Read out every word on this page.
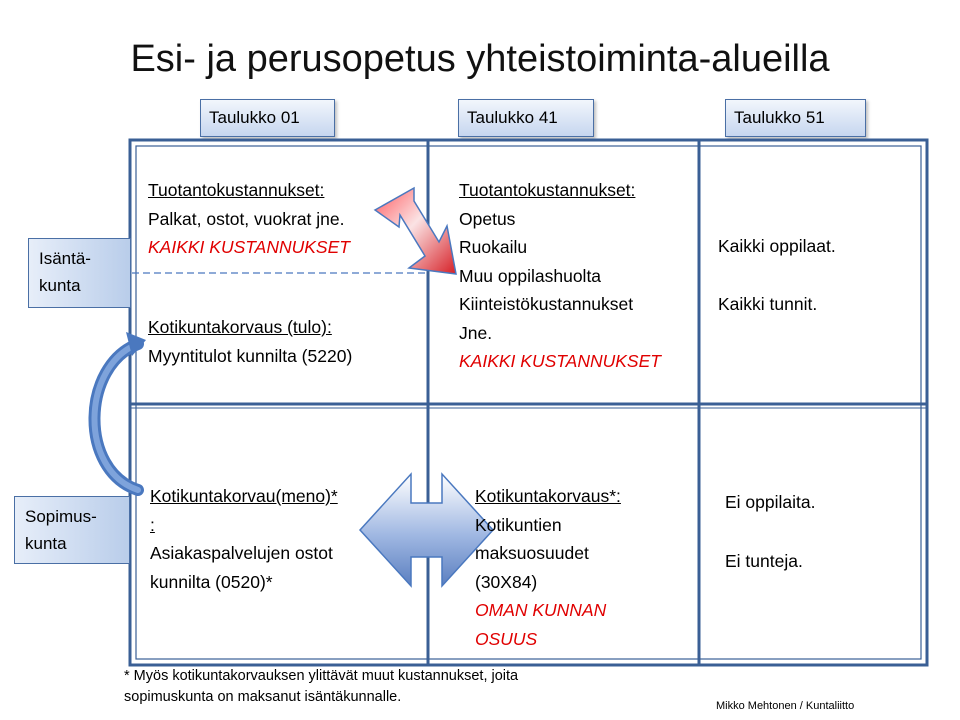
Esi- ja perusopetus yhteistoiminta-alueilla
Taulukko 01	Taulukko 41	Taulukko 51
Isäntä-
kunta
Sopimus-
kunta
Tuotantokustannukset:
Palkat, ostot, vuokrat jne.
KAIKKI KUSTANNUKSET
Kotikuntakorvaus (tulo):
Myyntitulot kunnilta (5220)
Tuotantokustannukset:
Opetus
Ruokailu
Muu oppilashuolta
Kiinteistökustannukset
Jne.
KAIKKI KUSTANNUKSET
Kaikki oppilaat.
Kaikki tunnit.
Kotikuntakorvau(meno)*
:
Asiakaspalvelujen ostot
kunnilta (0520)*
Kotikuntakorvaus*:
Kotikuntien
maksuosuudet
(30X84)
OMAN KUNNAN
OSUUS
Ei oppilaita.
Ei tunteja.
* Myös kotikuntakorvauksen ylittävät muut kustannukset, joita
sopimuskunta on maksanut isäntäkunnalle.
Mikko Mehtonen / Kuntaliitto
